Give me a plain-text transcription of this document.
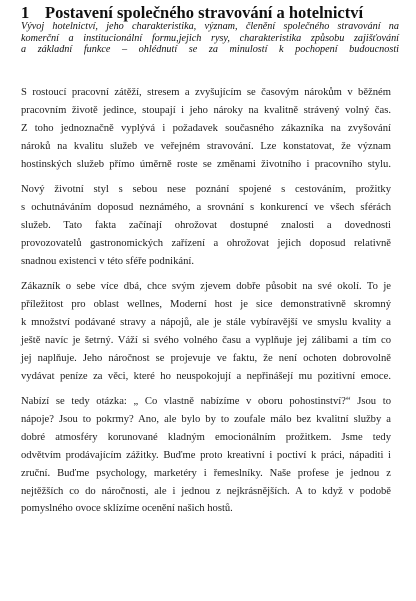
1 Postavení společného stravování a hotelnictví
Vývoj hotelnictví, jeho charakteristika, význam, členění společného stravování na
komerční a institucionální formu,jejich rysy, charakteristika způsobu zajišťování
a základní funkce – ohlédnutí se za minulostí k pochopení budoucnosti
S rostoucí pracovní zátěží, stresem a zvyšujícím se časovým nárokům v běžném
pracovním životě jedince, stoupají i jeho nároky na kvalitně strávený volný čas.
Z toho jednoznačně vyplývá i požadavek současného zákazníka na zvyšování
nároků na kvalitu služeb ve veřejném stravování. Lze konstatovat, že význam
hostinských služeb přímo úměrně roste se změnami životního i pracovního stylu.
Nový životní styl s sebou nese poznání spojené s cestováním, prožitky
s ochutnáváním doposud neznámého, a srovnání s konkurencí ve všech sférách
služeb. Tato fakta začínají ohrožovat dostupné znalosti a dovednosti
provozovatelů gastronomických zařízení a ohrožovat jejich doposud relativně
snadnou existenci v této sféře podnikání.
Zákazník o sebe více dbá, chce svým zjevem dobře působit na své okolí. To je
příležitost pro oblast wellnes, Moderní host je sice demonstrativně skromný
k množství podávané stravy a nápojů, ale je stále vybíravější ve smyslu kvality a
ještě navíc je šetrný. Váží si svého volného času a vyplňuje jej zálibami a tím co
jej naplňuje. Jeho náročnost se projevuje ve faktu, že není ochoten dobrovolně
vydávat peníze za věci, které ho neuspokojují a nepřinášejí mu pozitivní emoce.
Nabízí se tedy otázka: „ Co vlastně nabízíme v oboru pohostinství?“ Jsou to
nápoje? Jsou to pokrmy? Ano, ale bylo by to zoufale málo bez kvalitní služby a
dobré atmosféry korunované kladným emocionálním prožitkem. Jsme tedy
odvětvím prodávajícím zážitky. Buďme proto kreativní i poctiví k práci, nápaditi i
zruční. Buďme psychology, marketéry i řemeslníky. Naše profese je jednou z
nejtěžších co do náročnosti, ale i jednou z nejkrásnějších. A to když v podobě
pomyslného ovoce sklízíme ocenění našich hostů.
